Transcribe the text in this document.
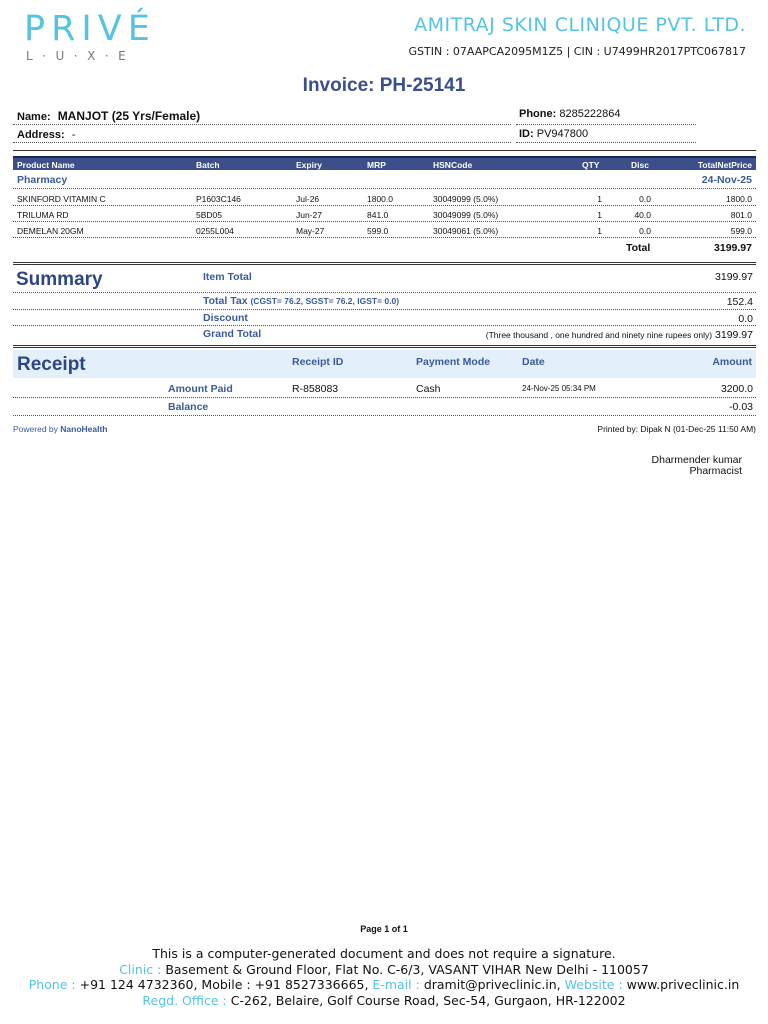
PRIVÉ
L·U·X·E
AMITRAJ SKIN CLINIQUE PVT. LTD.
GSTIN : 07AAPCA2095M1Z5 | CIN : U7499HR2017PTC067817
Invoice: PH-25141
Name: MANJOT (25 Yrs/Female)
Address: -
Phone: 8285222864
ID: PV947800
Product Name	Batch	Expiry	MRP	HSNCode	QTY	Disc	TotalNetPrice
Pharmacy	24-Nov-25
SKINFORD VITAMIN C	P1603C146	Jul-26	1800.0	30049099 (5.0%)	1	0.0	1800.0
TRILUMA RD	5BD05	Jun-27	841.0	30049099 (5.0%)	1	40.0	801.0
DEMELAN 20GM	0255L004	May-27	599.0	30049061 (5.0%)	1	0.0	599.0
Total	3199.97
Summary	Item Total	3199.97
Total Tax (CGST= 76.2, SGST= 76.2, IGST= 0.0)	152.4
Discount	0.0
Grand Total	(Three thousand , one hundred and ninety nine rupees only) 3199.97
Receipt	Receipt ID	Payment Mode	Date	Amount
Amount Paid	R-858083	Cash	24-Nov-25 05:34 PM	3200.0
Balance	-0.03
Powered by NanoHealth	Printed by: Dipak N (01-Dec-25 11:50 AM)
Dharmender kumar
Pharmacist
Page 1 of 1
This is a computer-generated document and does not require a signature.
Clinic : Basement & Ground Floor, Flat No. C-6/3, VASANT VIHAR New Delhi - 110057
Phone : +91 124 4732360, Mobile : +91 8527336665, E-mail : dramit@priveclinic.in, Website : www.priveclinic.in
Regd. Office : C-262, Belaire, Golf Course Road, Sec-54, Gurgaon, HR-122002
